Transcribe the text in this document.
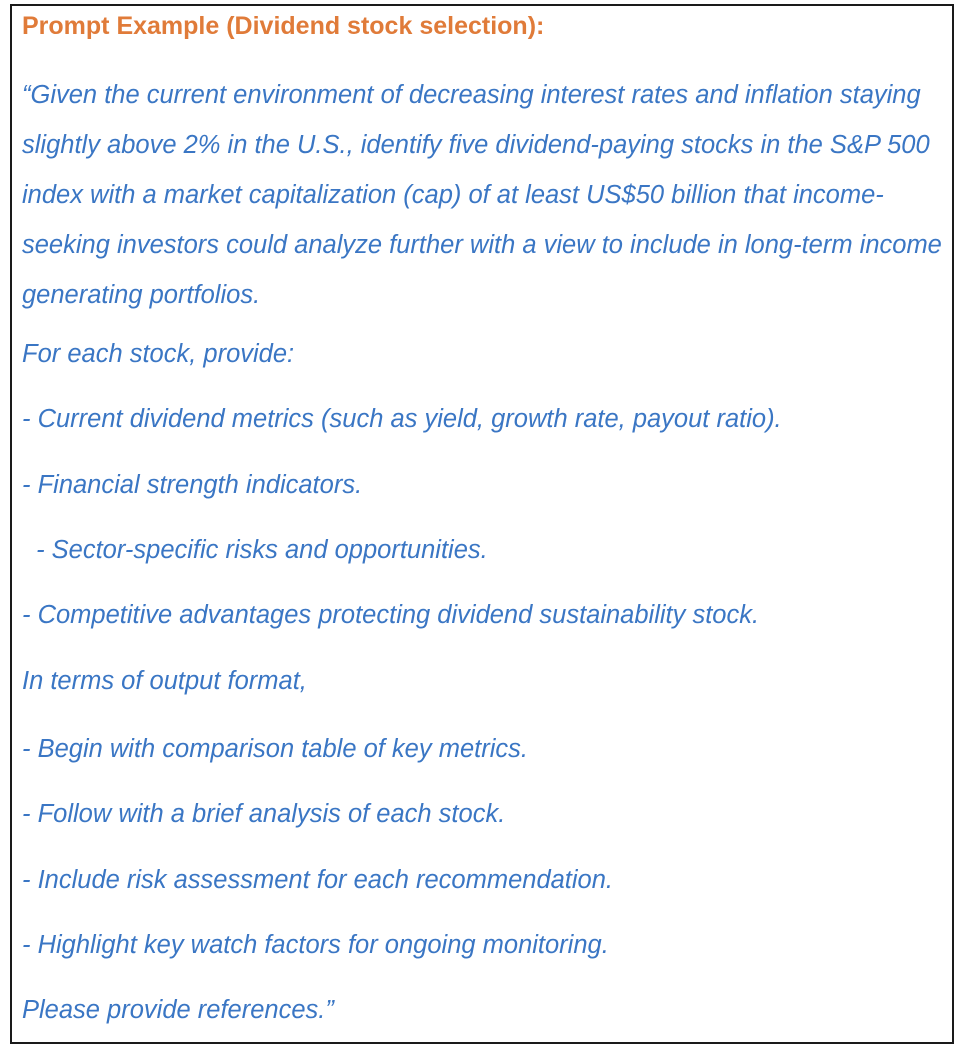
Prompt Example (Dividend stock selection):

“Given the current environment of decreasing interest rates and inflation staying slightly above 2% in the U.S., identify five dividend-paying stocks in the S&P 500 index with a market capitalization (cap) of at least US$50 billion that income-seeking investors could analyze further with a view to include in long-term income generating portfolios.

For each stock, provide:

- Current dividend metrics (such as yield, growth rate, payout ratio).

- Financial strength indicators.

- Sector-specific risks and opportunities.

- Competitive advantages protecting dividend sustainability stock.

In terms of output format,

- Begin with comparison table of key metrics.

- Follow with a brief analysis of each stock.

- Include risk assessment for each recommendation.

- Highlight key watch factors for ongoing monitoring.

Please provide references.”
